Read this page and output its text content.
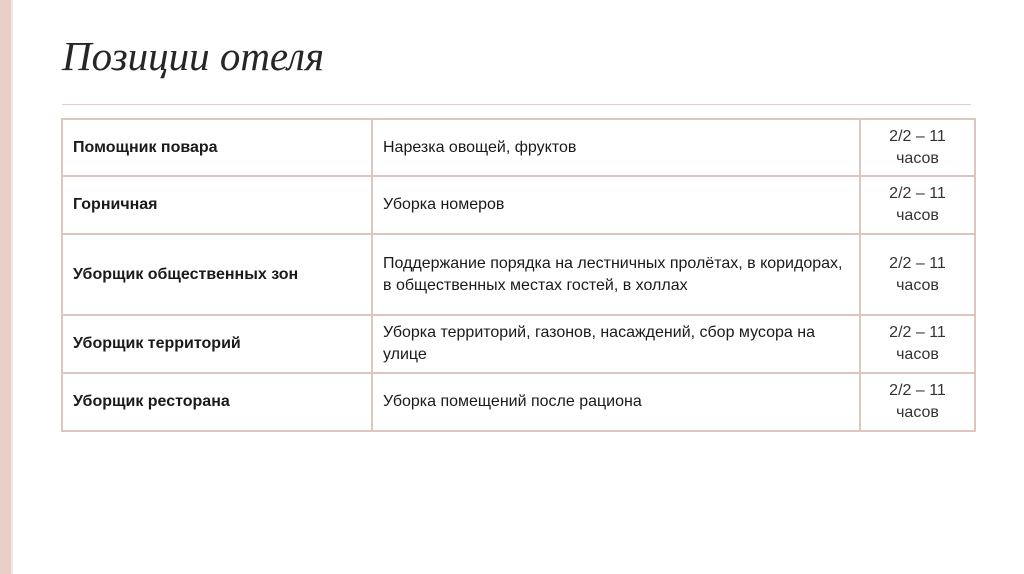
Позиции отеля
Помощник повара	Нарезка овощей, фруктов	2/2 – 11 часов
Горничная	Уборка номеров	2/2 – 11 часов
Уборщик общественных зон	Поддержание порядка на лестничных пролётах, в коридорах, в общественных местах гостей, в холлах	2/2 – 11 часов
Уборщик территорий	Уборка территорий, газонов, насаждений, сбор мусора на улице	2/2 – 11 часов
Уборщик ресторана	Уборка помещений после рациона	2/2 – 11 часов
